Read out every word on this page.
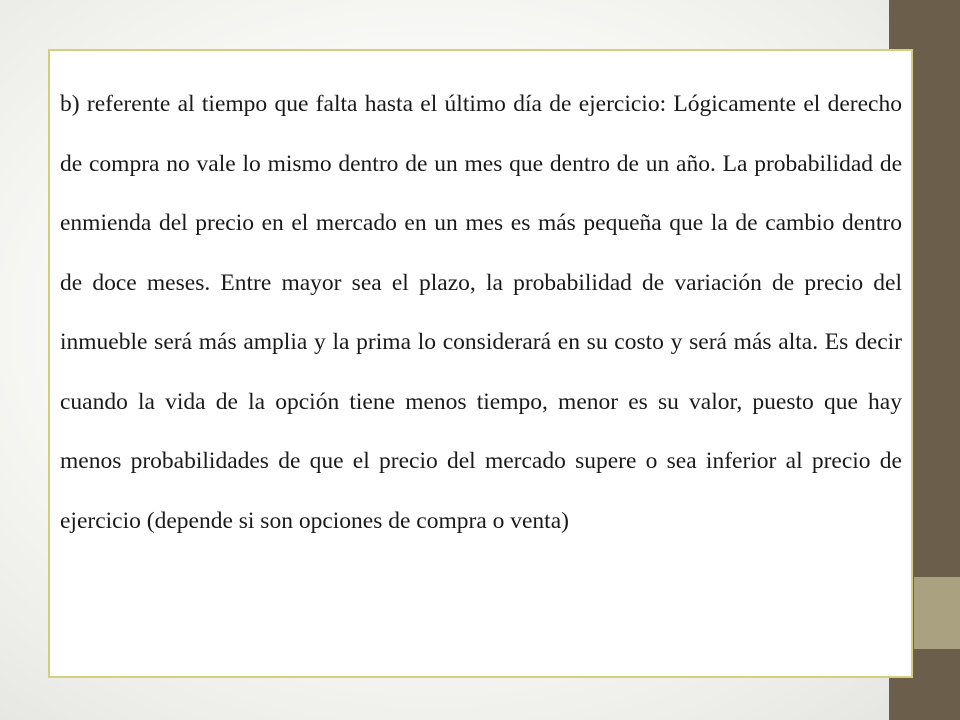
b) referente al tiempo que falta hasta el último día de ejercicio: Lógicamente el derecho de compra no vale lo mismo dentro de un mes que dentro de un año. La probabilidad de enmienda del precio en el mercado en un mes es más pequeña que la de cambio dentro de doce meses. Entre mayor sea el plazo, la probabilidad de variación de precio del inmueble será más amplia y la prima lo considerará en su costo y será más alta. Es decir cuando la vida de la opción tiene menos tiempo, menor es su valor, puesto que hay menos probabilidades de que el precio del mercado supere o sea inferior al precio de ejercicio (depende si son opciones de compra o venta)
